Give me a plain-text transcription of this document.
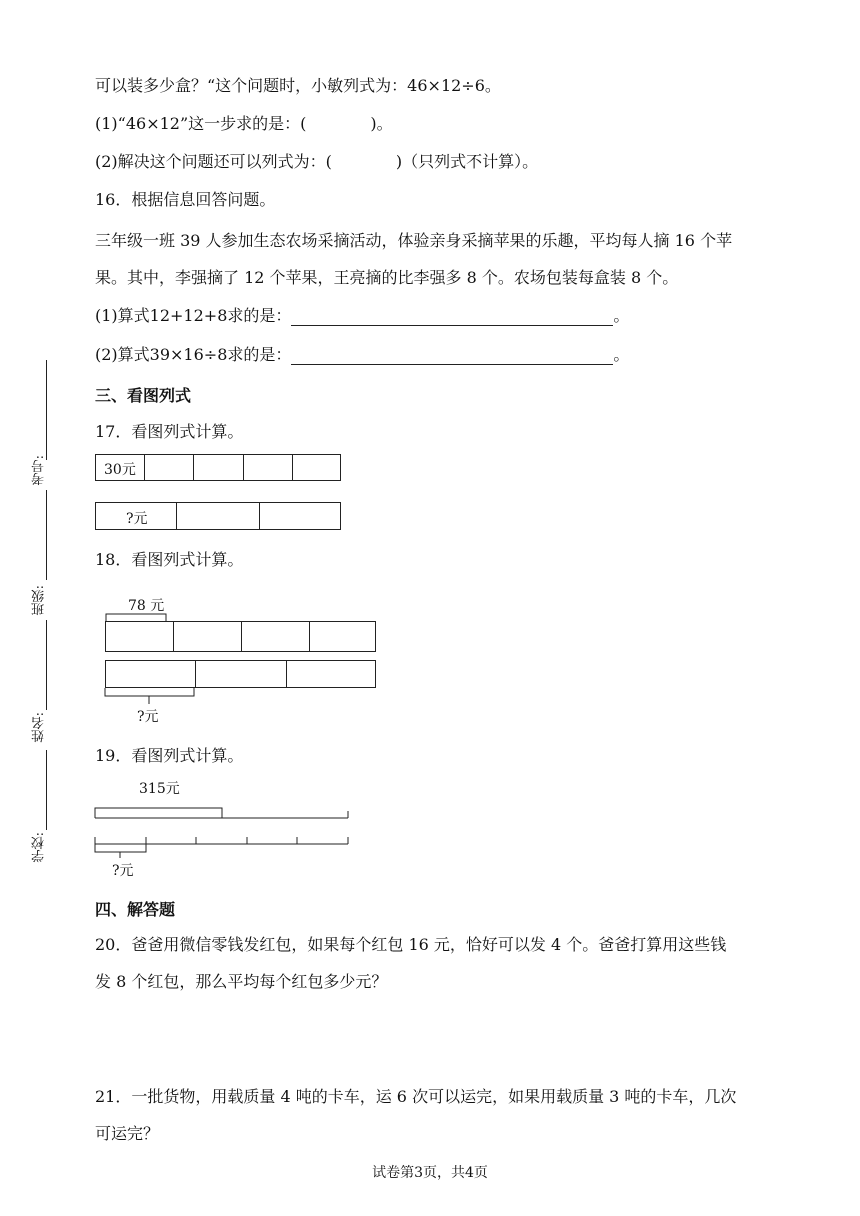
考号:
班级:
姓名:
学校:
可以装多少盒？“这个问题时，小敏列式为：46×12÷6。
(1)“46×12”这一步求的是：(	)。
(2)解决这个问题还可以列式为：(	)（只列式不计算）。
16．根据信息回答问题。
三年级一班 39 人参加生态农场采摘活动，体验亲身采摘苹果的乐趣，平均每人摘 16 个苹
果。其中，李强摘了 12 个苹果，王亮摘的比李强多 8 个。农场包装每盒装 8 个。
(1)算式12+12+8求的是：	。
(2)算式39×16÷8求的是：	。
三、看图列式
17．看图列式计算。
30元
?元
18．看图列式计算。
78 元
?元
19．看图列式计算。
315元
?元
四、解答题
20．爸爸用微信零钱发红包，如果每个红包 16 元，恰好可以发 4 个。爸爸打算用这些钱
发 8 个红包，那么平均每个红包多少元？
21．一批货物，用载质量 4 吨的卡车，运 6 次可以运完，如果用载质量 3 吨的卡车，几次
可运完？
试卷第3页，共4页
